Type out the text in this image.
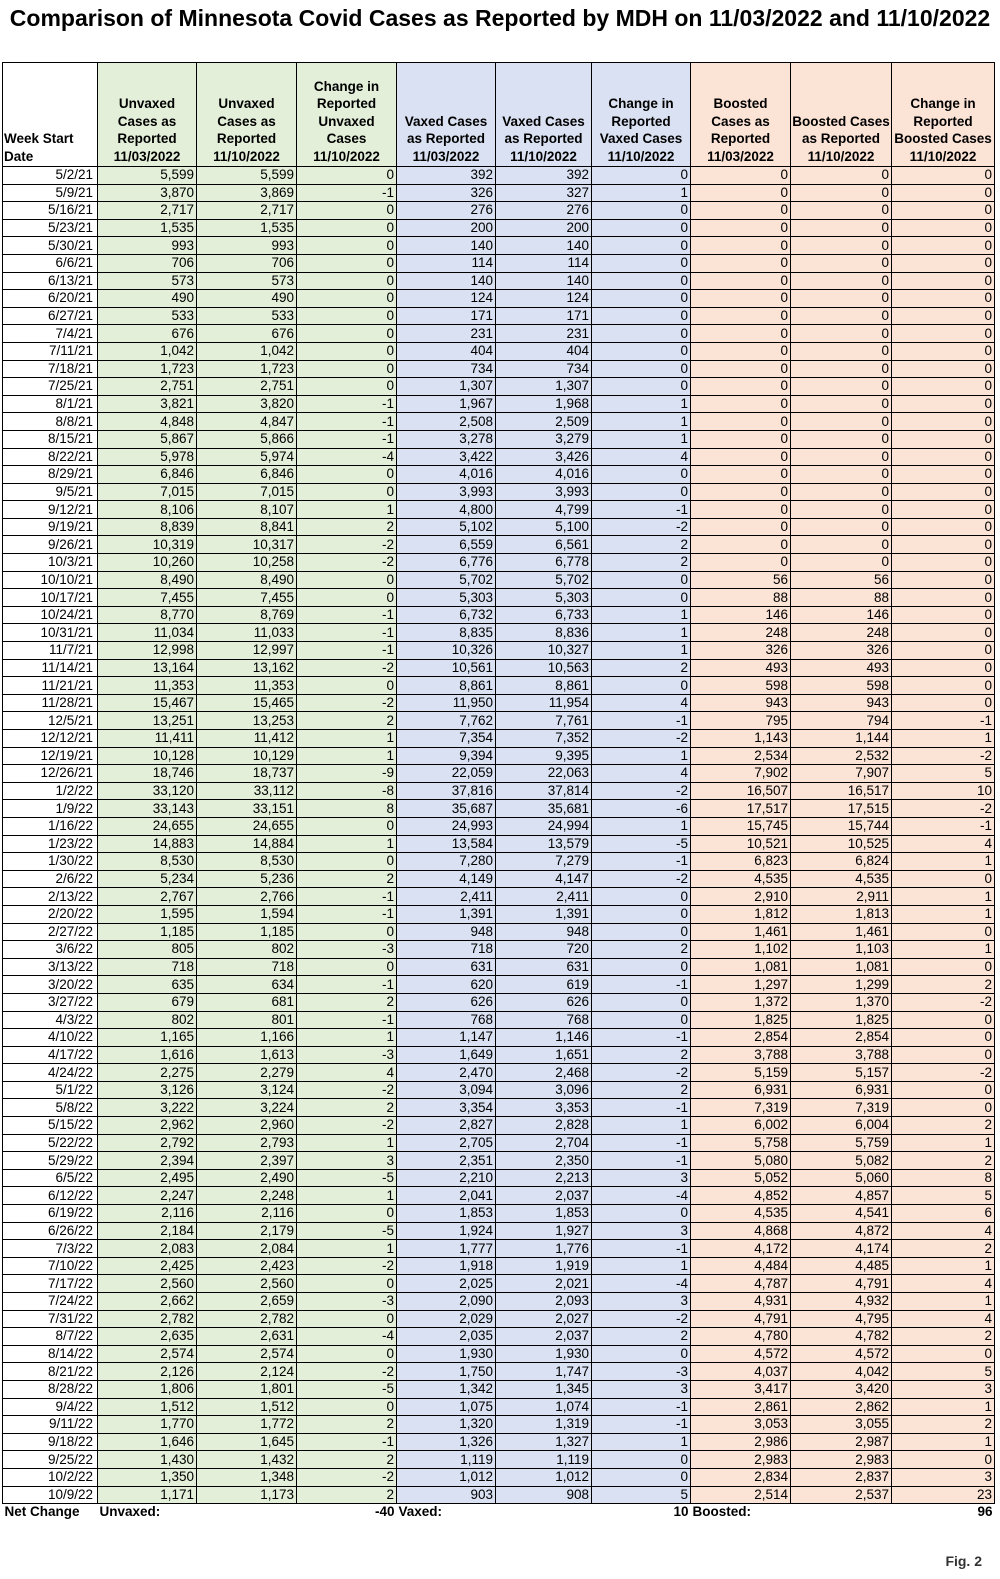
Comparison of Minnesota Covid Cases as Reported by MDH on 11/03/2022 and 11/10/2022
Week Start Date	Unvaxed Cases as Reported 11/03/2022	Unvaxed Cases as Reported 11/10/2022	Change in Reported Unvaxed Cases 11/10/2022	Vaxed Cases as Reported 11/03/2022	Vaxed Cases as Reported 11/10/2022	Change in Reported Vaxed Cases 11/10/2022	Boosted Cases as Reported 11/03/2022	Boosted Cases as Reported 11/10/2022	Change in Reported Boosted Cases 11/10/2022
5/2/21	5,599	5,599	0	392	392	0	0	0	0
5/9/21	3,870	3,869	-1	326	327	1	0	0	0
5/16/21	2,717	2,717	0	276	276	0	0	0	0
5/23/21	1,535	1,535	0	200	200	0	0	0	0
5/30/21	993	993	0	140	140	0	0	0	0
6/6/21	706	706	0	114	114	0	0	0	0
6/13/21	573	573	0	140	140	0	0	0	0
6/20/21	490	490	0	124	124	0	0	0	0
6/27/21	533	533	0	171	171	0	0	0	0
7/4/21	676	676	0	231	231	0	0	0	0
7/11/21	1,042	1,042	0	404	404	0	0	0	0
7/18/21	1,723	1,723	0	734	734	0	0	0	0
7/25/21	2,751	2,751	0	1,307	1,307	0	0	0	0
8/1/21	3,821	3,820	-1	1,967	1,968	1	0	0	0
8/8/21	4,848	4,847	-1	2,508	2,509	1	0	0	0
8/15/21	5,867	5,866	-1	3,278	3,279	1	0	0	0
8/22/21	5,978	5,974	-4	3,422	3,426	4	0	0	0
8/29/21	6,846	6,846	0	4,016	4,016	0	0	0	0
9/5/21	7,015	7,015	0	3,993	3,993	0	0	0	0
9/12/21	8,106	8,107	1	4,800	4,799	-1	0	0	0
9/19/21	8,839	8,841	2	5,102	5,100	-2	0	0	0
9/26/21	10,319	10,317	-2	6,559	6,561	2	0	0	0
10/3/21	10,260	10,258	-2	6,776	6,778	2	0	0	0
10/10/21	8,490	8,490	0	5,702	5,702	0	56	56	0
10/17/21	7,455	7,455	0	5,303	5,303	0	88	88	0
10/24/21	8,770	8,769	-1	6,732	6,733	1	146	146	0
10/31/21	11,034	11,033	-1	8,835	8,836	1	248	248	0
11/7/21	12,998	12,997	-1	10,326	10,327	1	326	326	0
11/14/21	13,164	13,162	-2	10,561	10,563	2	493	493	0
11/21/21	11,353	11,353	0	8,861	8,861	0	598	598	0
11/28/21	15,467	15,465	-2	11,950	11,954	4	943	943	0
12/5/21	13,251	13,253	2	7,762	7,761	-1	795	794	-1
12/12/21	11,411	11,412	1	7,354	7,352	-2	1,143	1,144	1
12/19/21	10,128	10,129	1	9,394	9,395	1	2,534	2,532	-2
12/26/21	18,746	18,737	-9	22,059	22,063	4	7,902	7,907	5
1/2/22	33,120	33,112	-8	37,816	37,814	-2	16,507	16,517	10
1/9/22	33,143	33,151	8	35,687	35,681	-6	17,517	17,515	-2
1/16/22	24,655	24,655	0	24,993	24,994	1	15,745	15,744	-1
1/23/22	14,883	14,884	1	13,584	13,579	-5	10,521	10,525	4
1/30/22	8,530	8,530	0	7,280	7,279	-1	6,823	6,824	1
2/6/22	5,234	5,236	2	4,149	4,147	-2	4,535	4,535	0
2/13/22	2,767	2,766	-1	2,411	2,411	0	2,910	2,911	1
2/20/22	1,595	1,594	-1	1,391	1,391	0	1,812	1,813	1
2/27/22	1,185	1,185	0	948	948	0	1,461	1,461	0
3/6/22	805	802	-3	718	720	2	1,102	1,103	1
3/13/22	718	718	0	631	631	0	1,081	1,081	0
3/20/22	635	634	-1	620	619	-1	1,297	1,299	2
3/27/22	679	681	2	626	626	0	1,372	1,370	-2
4/3/22	802	801	-1	768	768	0	1,825	1,825	0
4/10/22	1,165	1,166	1	1,147	1,146	-1	2,854	2,854	0
4/17/22	1,616	1,613	-3	1,649	1,651	2	3,788	3,788	0
4/24/22	2,275	2,279	4	2,470	2,468	-2	5,159	5,157	-2
5/1/22	3,126	3,124	-2	3,094	3,096	2	6,931	6,931	0
5/8/22	3,222	3,224	2	3,354	3,353	-1	7,319	7,319	0
5/15/22	2,962	2,960	-2	2,827	2,828	1	6,002	6,004	2
5/22/22	2,792	2,793	1	2,705	2,704	-1	5,758	5,759	1
5/29/22	2,394	2,397	3	2,351	2,350	-1	5,080	5,082	2
6/5/22	2,495	2,490	-5	2,210	2,213	3	5,052	5,060	8
6/12/22	2,247	2,248	1	2,041	2,037	-4	4,852	4,857	5
6/19/22	2,116	2,116	0	1,853	1,853	0	4,535	4,541	6
6/26/22	2,184	2,179	-5	1,924	1,927	3	4,868	4,872	4
7/3/22	2,083	2,084	1	1,777	1,776	-1	4,172	4,174	2
7/10/22	2,425	2,423	-2	1,918	1,919	1	4,484	4,485	1
7/17/22	2,560	2,560	0	2,025	2,021	-4	4,787	4,791	4
7/24/22	2,662	2,659	-3	2,090	2,093	3	4,931	4,932	1
7/31/22	2,782	2,782	0	2,029	2,027	-2	4,791	4,795	4
8/7/22	2,635	2,631	-4	2,035	2,037	2	4,780	4,782	2
8/14/22	2,574	2,574	0	1,930	1,930	0	4,572	4,572	0
8/21/22	2,126	2,124	-2	1,750	1,747	-3	4,037	4,042	5
8/28/22	1,806	1,801	-5	1,342	1,345	3	3,417	3,420	3
9/4/22	1,512	1,512	0	1,075	1,074	-1	2,861	2,862	1
9/11/22	1,770	1,772	2	1,320	1,319	-1	3,053	3,055	2
9/18/22	1,646	1,645	-1	1,326	1,327	1	2,986	2,987	1
9/25/22	1,430	1,432	2	1,119	1,119	0	2,983	2,983	0
10/2/22	1,350	1,348	-2	1,012	1,012	0	2,834	2,837	3
10/9/22	1,171	1,173	2	903	908	5	2,514	2,537	23
Net Change	Unvaxed:		-40	Vaxed:		10	Boosted:		96
Fig. 2
